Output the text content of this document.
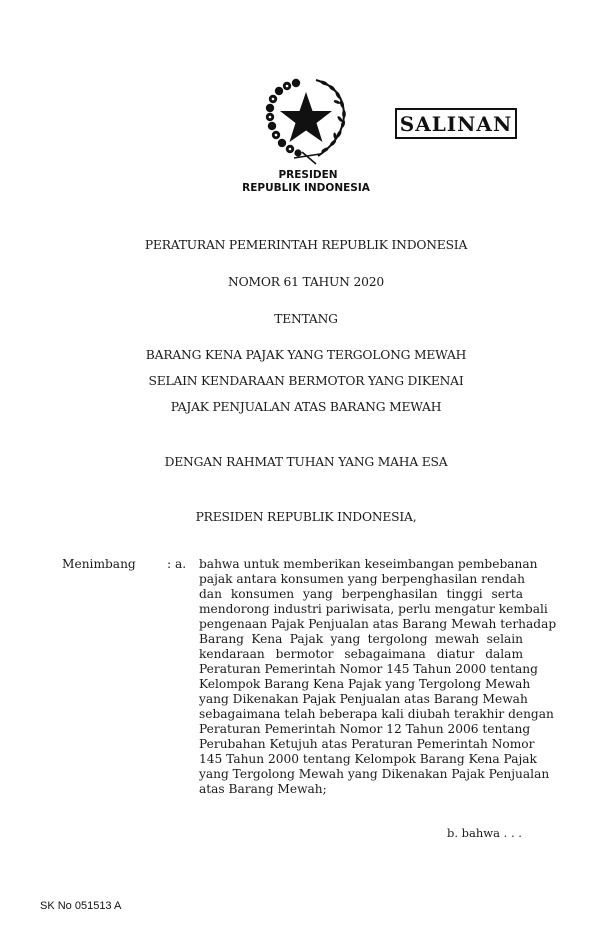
SALINAN
PRESIDEN
REPUBLIK INDONESIA
PERATURAN PEMERINTAH REPUBLIK INDONESIA
NOMOR 61 TAHUN 2020
TENTANG
BARANG KENA PAJAK YANG TERGOLONG MEWAH
SELAIN KENDARAAN BERMOTOR YANG DIKENAI
PAJAK PENJUALAN ATAS BARANG MEWAH
DENGAN RAHMAT TUHAN YANG MAHA ESA
PRESIDEN REPUBLIK INDONESIA,
Menimbang	: a. bahwa untuk memberikan keseimbangan pembebanan
pajak antara konsumen yang berpenghasilan rendah
dan konsumen yang berpenghasilan tinggi serta
mendorong industri pariwisata, perlu mengatur kembali
pengenaan Pajak Penjualan atas Barang Mewah terhadap
Barang Kena Pajak yang tergolong mewah selain
kendaraan bermotor sebagaimana diatur dalam
Peraturan Pemerintah Nomor 145 Tahun 2000 tentang
Kelompok Barang Kena Pajak yang Tergolong Mewah
yang Dikenakan Pajak Penjualan atas Barang Mewah
sebagaimana telah beberapa kali diubah terakhir dengan
Peraturan Pemerintah Nomor 12 Tahun 2006 tentang
Perubahan Ketujuh atas Peraturan Pemerintah Nomor
145 Tahun 2000 tentang Kelompok Barang Kena Pajak
yang Tergolong Mewah yang Dikenakan Pajak Penjualan
atas Barang Mewah;
b. bahwa . . .
SK No 051513 A
